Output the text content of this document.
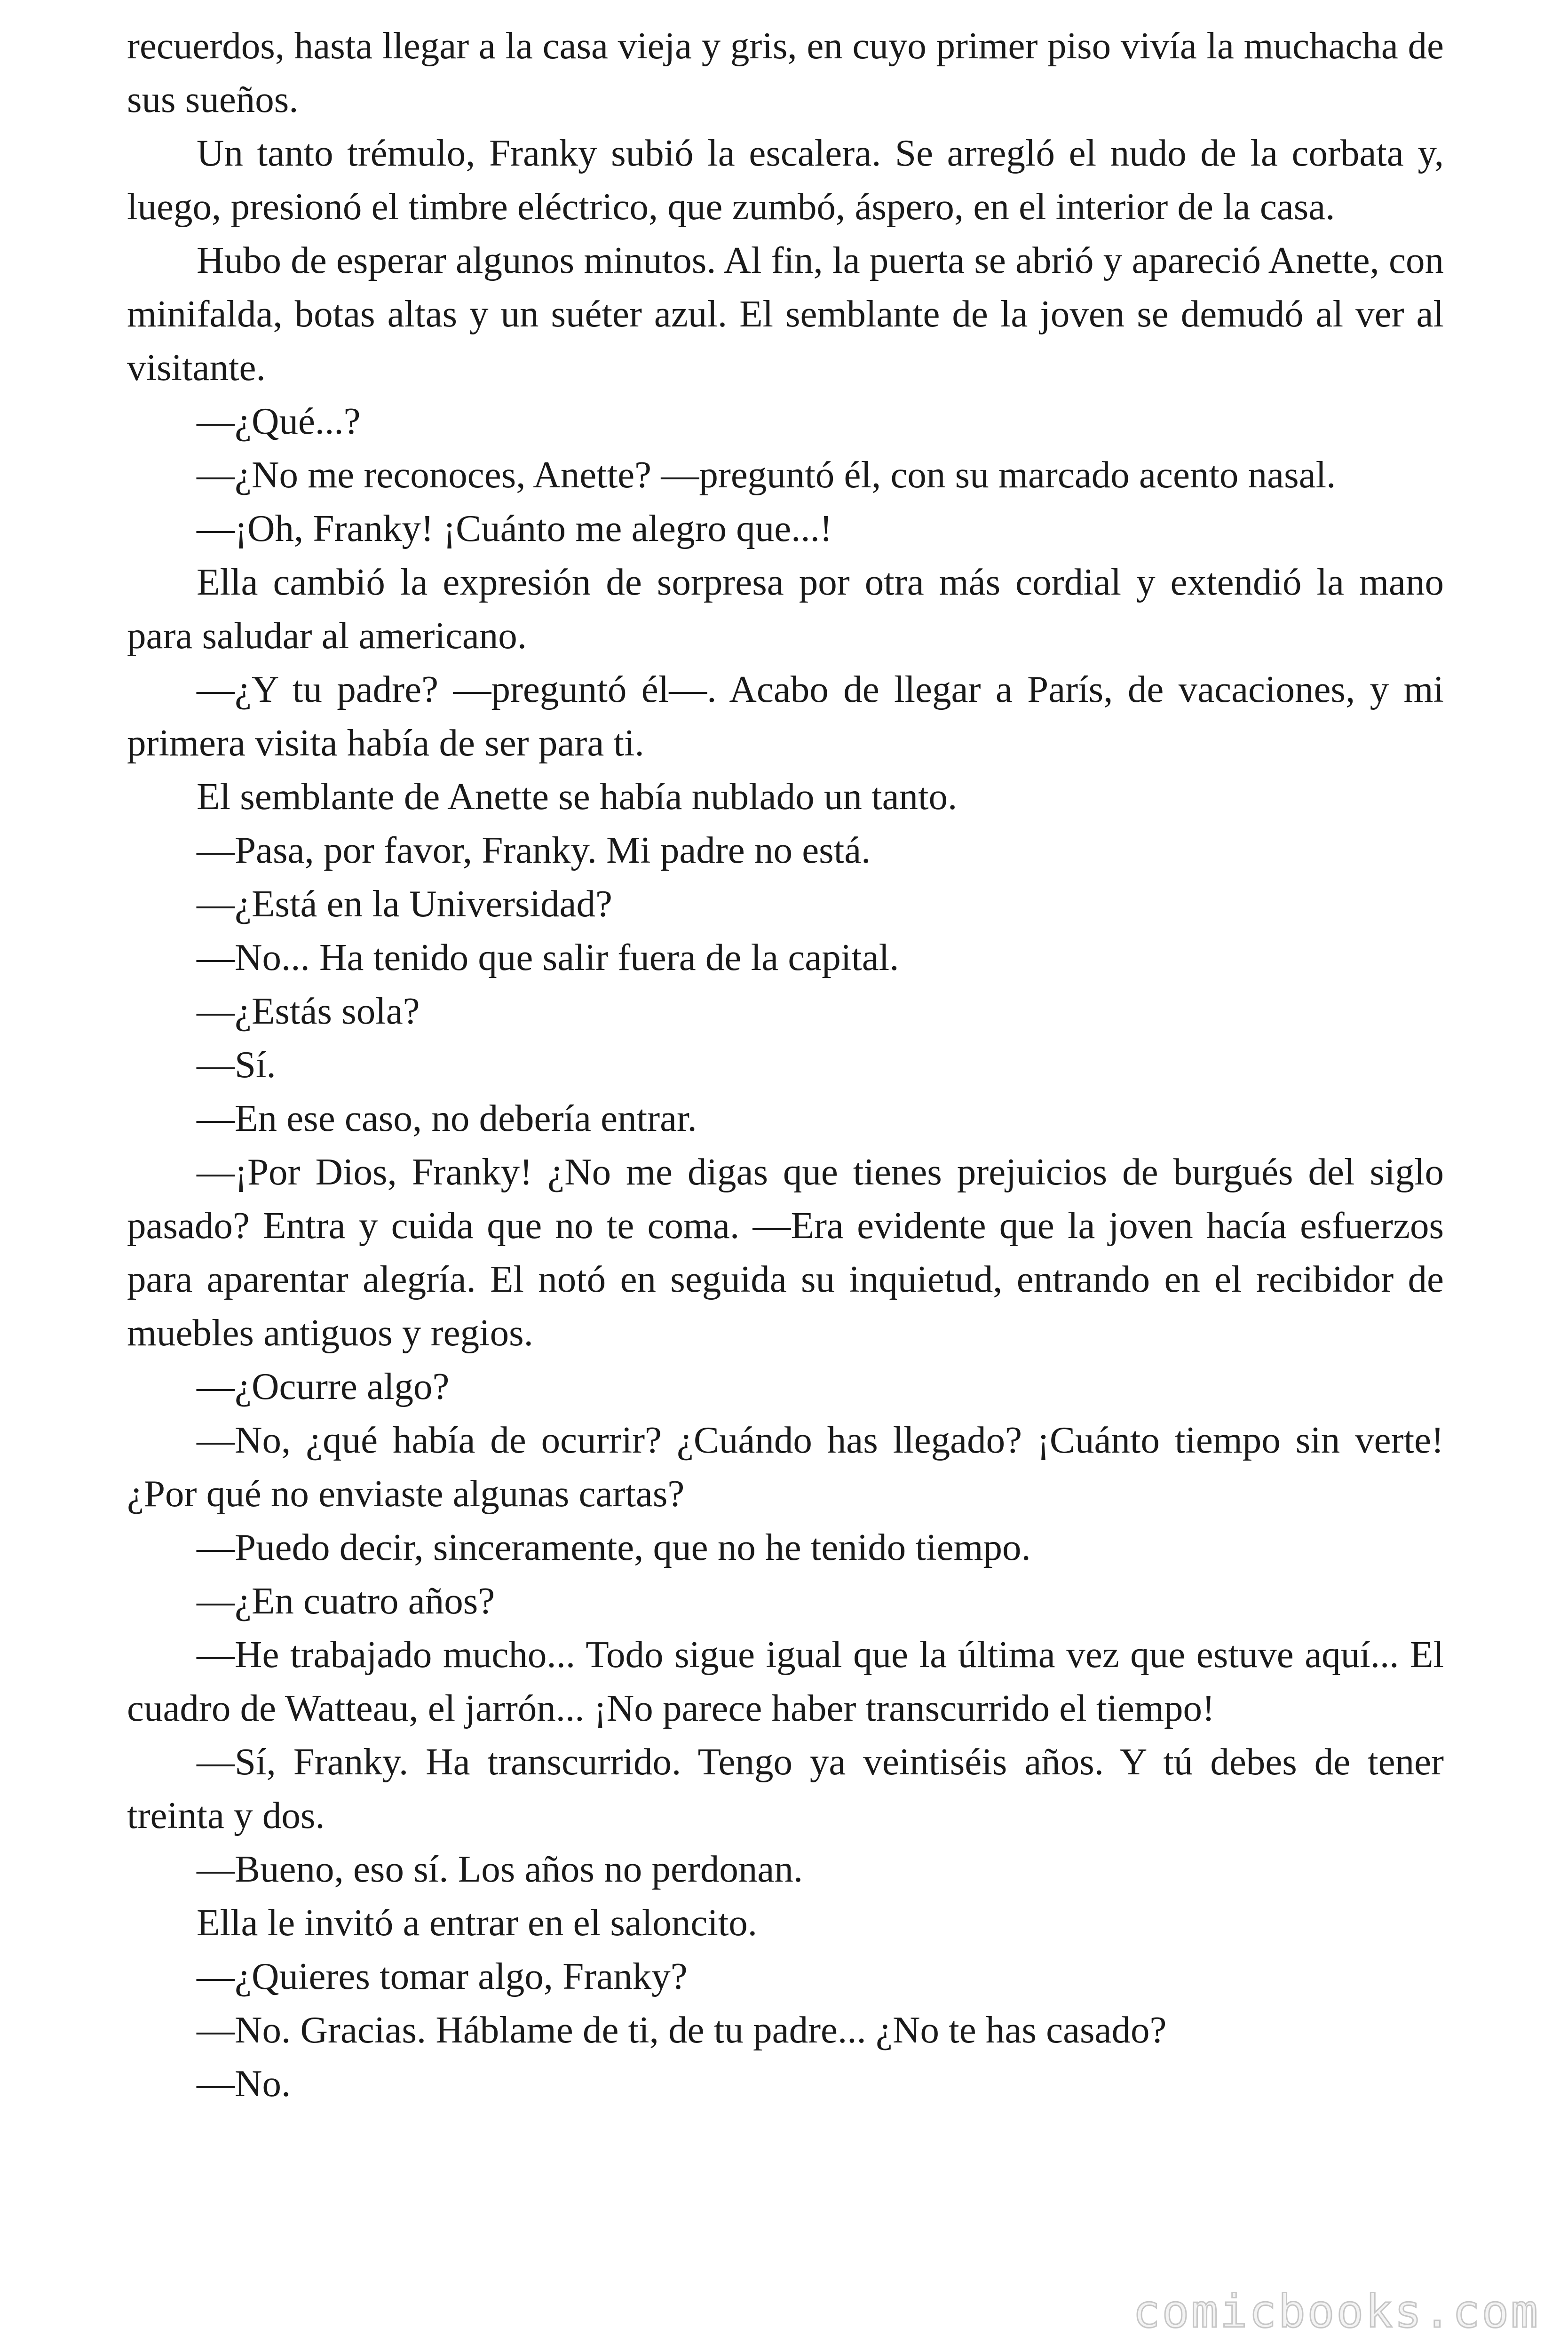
recuerdos, hasta llegar a la casa vieja y gris, en cuyo primer piso vivía la muchacha de sus sueños.

Un tanto trémulo, Franky subió la escalera. Se arregló el nudo de la corbata y, luego, presionó el timbre eléctrico, que zumbó, áspero, en el interior de la casa.

Hubo de esperar algunos minutos. Al fin, la puerta se abrió y apareció Anette, con minifalda, botas altas y un suéter azul. El semblante de la joven se demudó al ver al visitante.

—¿Qué...?

—¿No me reconoces, Anette? —preguntó él, con su marcado acento nasal.

—¡Oh, Franky! ¡Cuánto me alegro que...!

Ella cambió la expresión de sorpresa por otra más cordial y extendió la mano para saludar al americano.

—¿Y tu padre? —preguntó él—. Acabo de llegar a París, de vacaciones, y mi primera visita había de ser para ti.

El semblante de Anette se había nublado un tanto.

—Pasa, por favor, Franky. Mi padre no está.

—¿Está en la Universidad?

—No... Ha tenido que salir fuera de la capital.

—¿Estás sola?

—Sí.

—En ese caso, no debería entrar.

—¡Por Dios, Franky! ¿No me digas que tienes prejuicios de burgués del siglo pasado? Entra y cuida que no te coma. —Era evidente que la joven hacía esfuerzos para aparentar alegría. El notó en seguida su inquietud, entrando en el recibidor de muebles antiguos y regios.

—¿Ocurre algo?

—No, ¿qué había de ocurrir? ¿Cuándo has llegado? ¡Cuánto tiempo sin verte! ¿Por qué no enviaste algunas cartas?

—Puedo decir, sinceramente, que no he tenido tiempo.

—¿En cuatro años?

—He trabajado mucho... Todo sigue igual que la última vez que estuve aquí... El cuadro de Watteau, el jarrón... ¡No parece haber transcurrido el tiempo!

—Sí, Franky. Ha transcurrido. Tengo ya veintiséis años. Y tú debes de tener treinta y dos.

—Bueno, eso sí. Los años no perdonan.

Ella le invitó a entrar en el saloncito.

—¿Quieres tomar algo, Franky?

—No. Gracias. Háblame de ti, de tu padre... ¿No te has casado?

—No.

comicbooks.com
